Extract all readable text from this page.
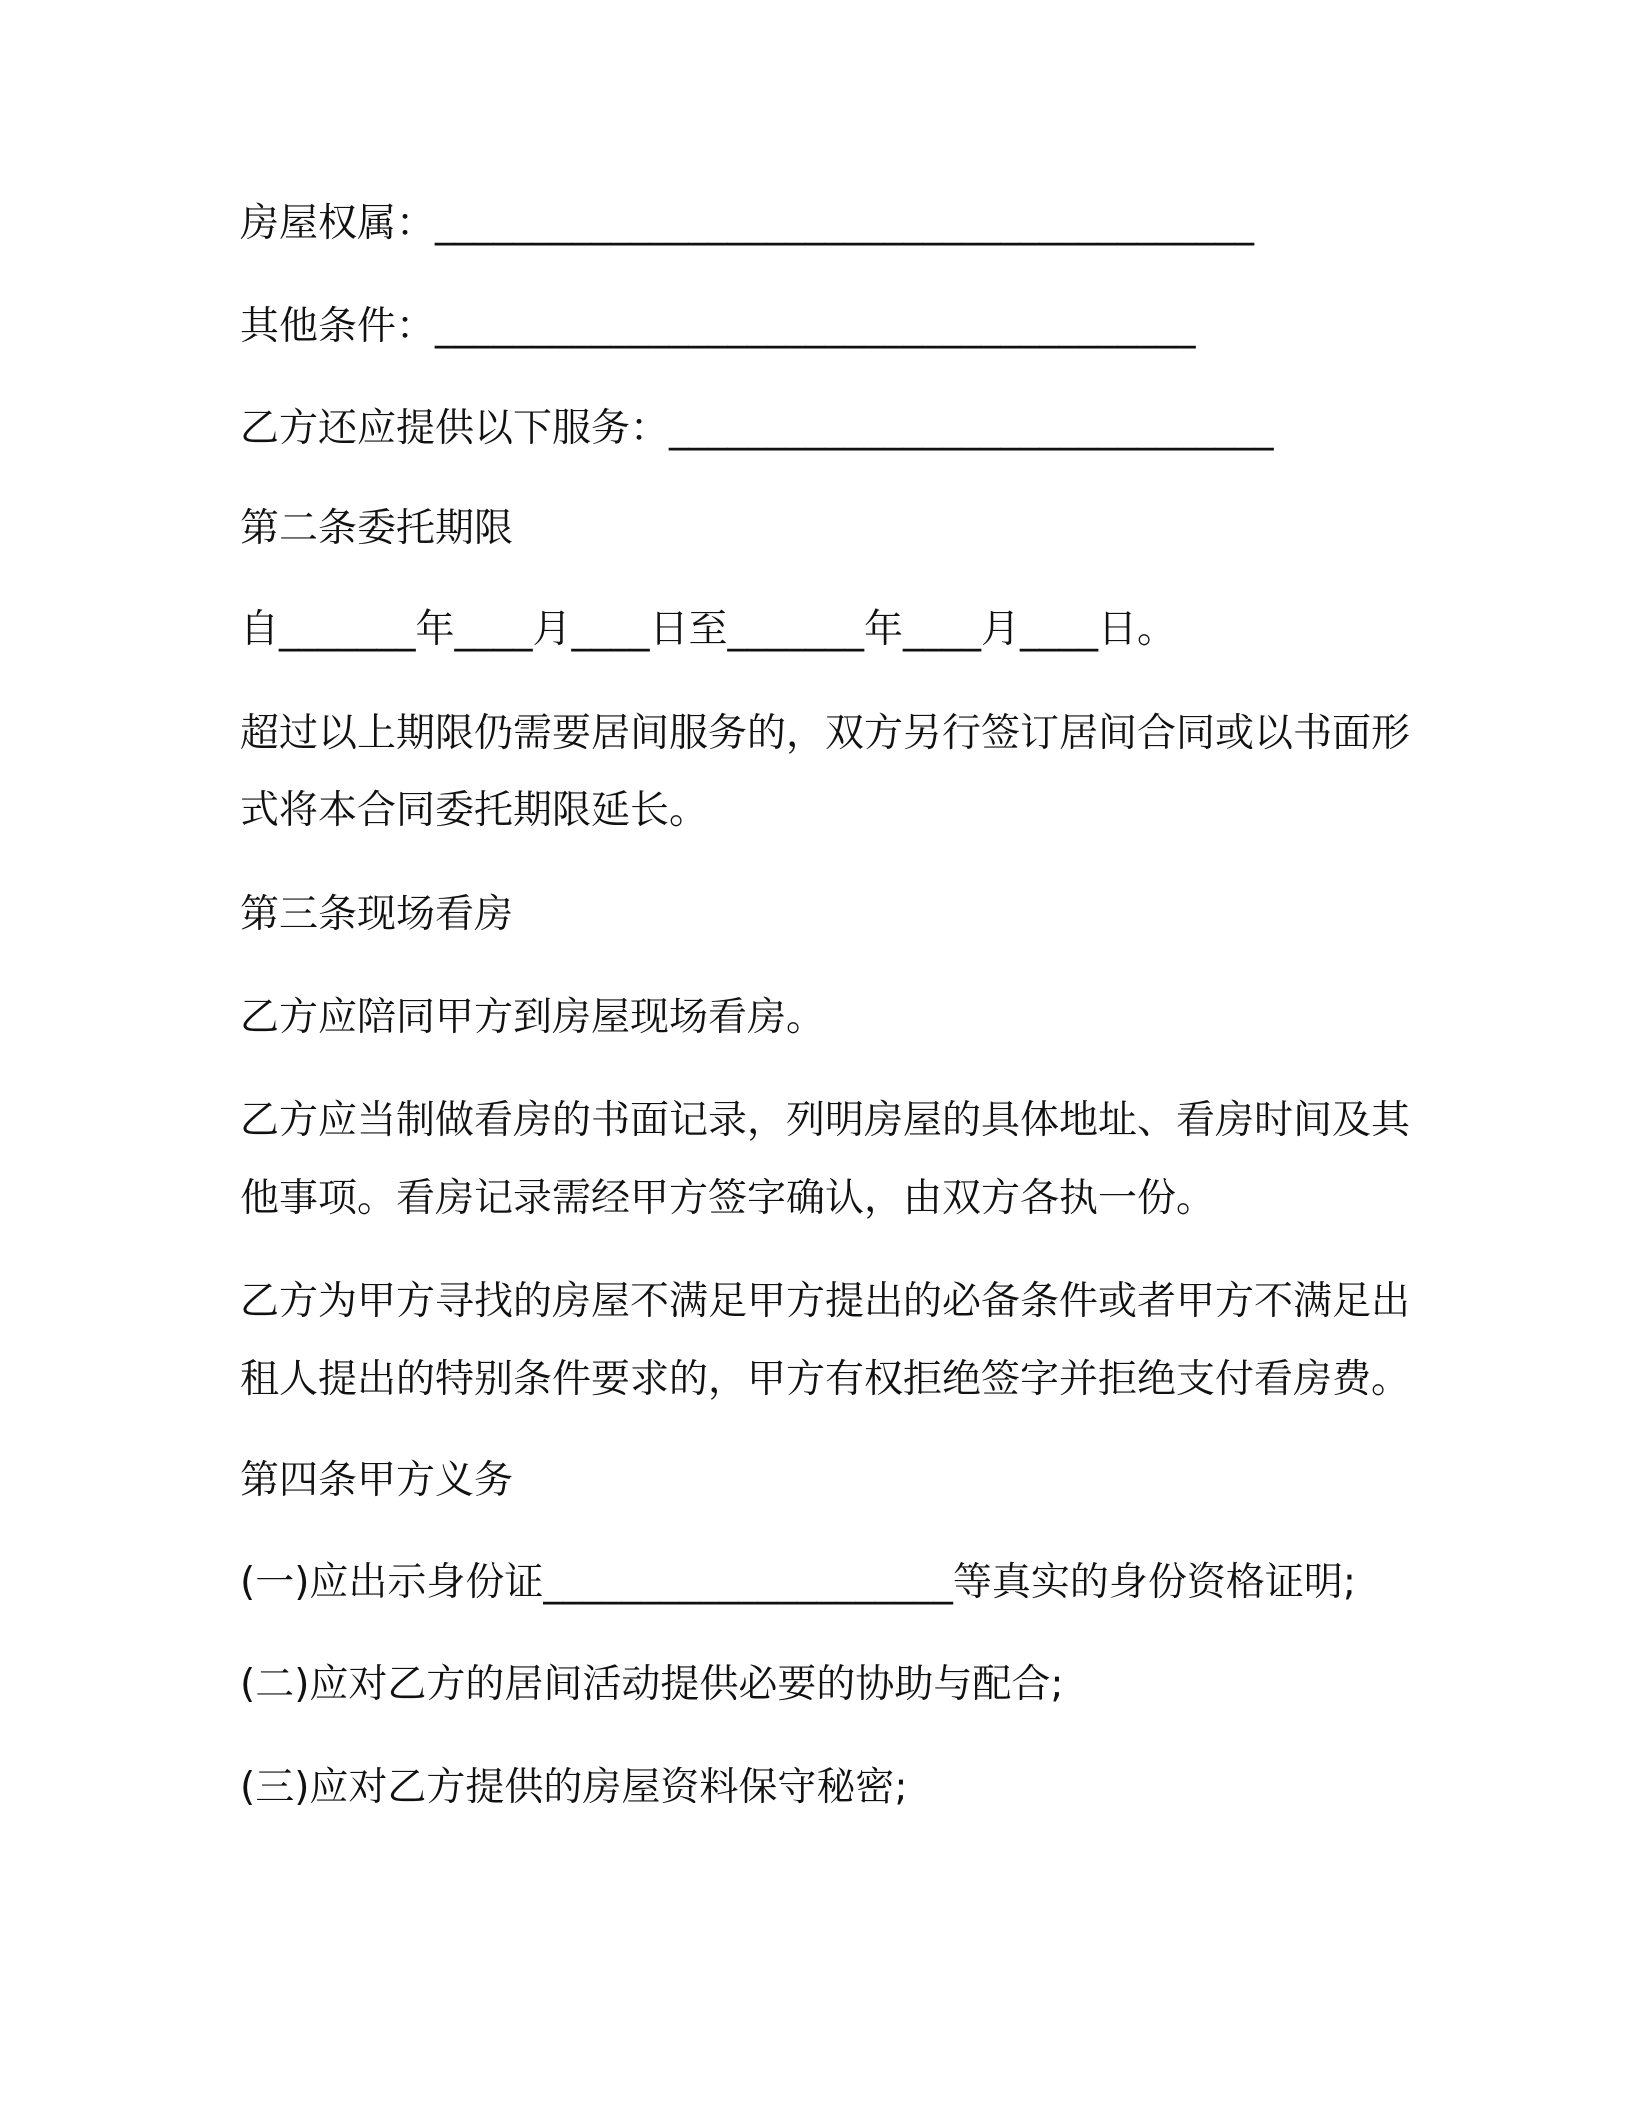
房屋权属：__________________________________________
其他条件：_______________________________________
乙方还应提供以下服务：_______________________________
第二条委托期限
自_______年____月____日至_______年____月____日。
超过以上期限仍需要居间服务的，双方另行签订居间合同或以书面形
式将本合同委托期限延长。
第三条现场看房
乙方应陪同甲方到房屋现场看房。
乙方应当制做看房的书面记录，列明房屋的具体地址、看房时间及其
他事项。看房记录需经甲方签字确认，由双方各执一份。
乙方为甲方寻找的房屋不满足甲方提出的必备条件或者甲方不满足出
租人提出的特别条件要求的，甲方有权拒绝签字并拒绝支付看房费。
第四条甲方义务
(一)应出示身份证_____________________等真实的身份资格证明;
(二)应对乙方的居间活动提供必要的协助与配合;
(三)应对乙方提供的房屋资料保守秘密;
